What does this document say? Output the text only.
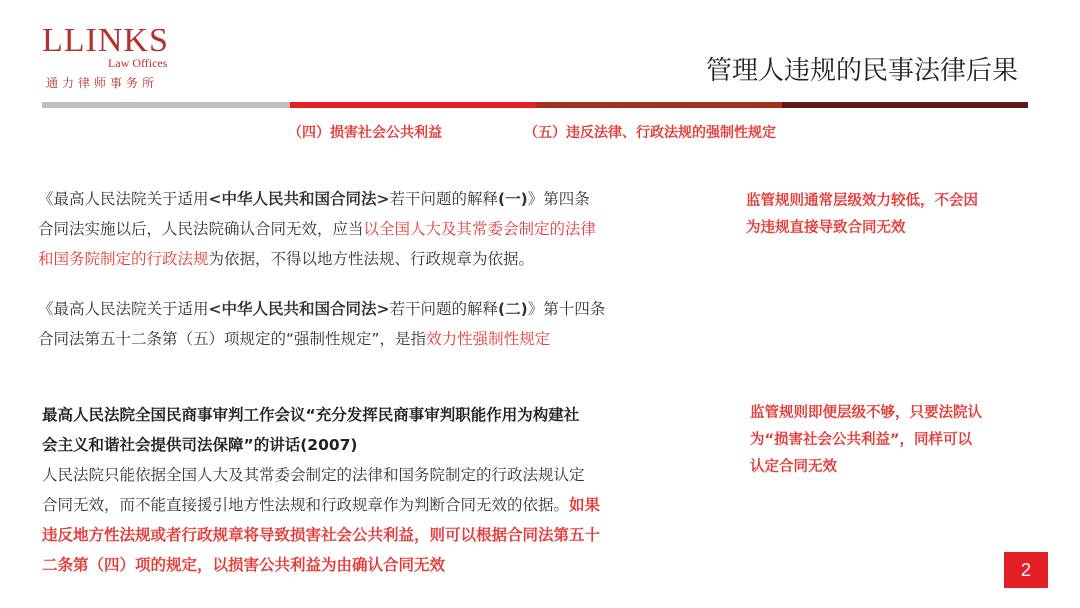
LLINKS
Law Offices
通力律师事务所	管理人违规的民事法律后果
（四）损害社会公共利益	（五）违反法律、行政法规的强制性规定
《最高人民法院关于适用<中华人民共和国合同法>若干问题的解释(一)》第四条
合同法实施以后，人民法院确认合同无效，应当以全国人大及其常委会制定的法律
和国务院制定的行政法规为依据，不得以地方性法规、行政规章为依据。
《最高人民法院关于适用<中华人民共和国合同法>若干问题的解释(二)》第十四条
合同法第五十二条第（五）项规定的“强制性规定”，是指效力性强制性规定
最高人民法院全国民商事审判工作会议“充分发挥民商事审判职能作用为构建社
会主义和谐社会提供司法保障”的讲话(2007)
人民法院只能依据全国人大及其常委会制定的法律和国务院制定的行政法规认定
合同无效，而不能直接援引地方性法规和行政规章作为判断合同无效的依据。如果
违反地方性法规或者行政规章将导致损害社会公共利益，则可以根据合同法第五十
二条第（四）项的规定，以损害公共利益为由确认合同无效
监管规则通常层级效力较低，不会因
为违规直接导致合同无效
监管规则即便层级不够，只要法院认
为“损害社会公共利益”，同样可以
认定合同无效
2
